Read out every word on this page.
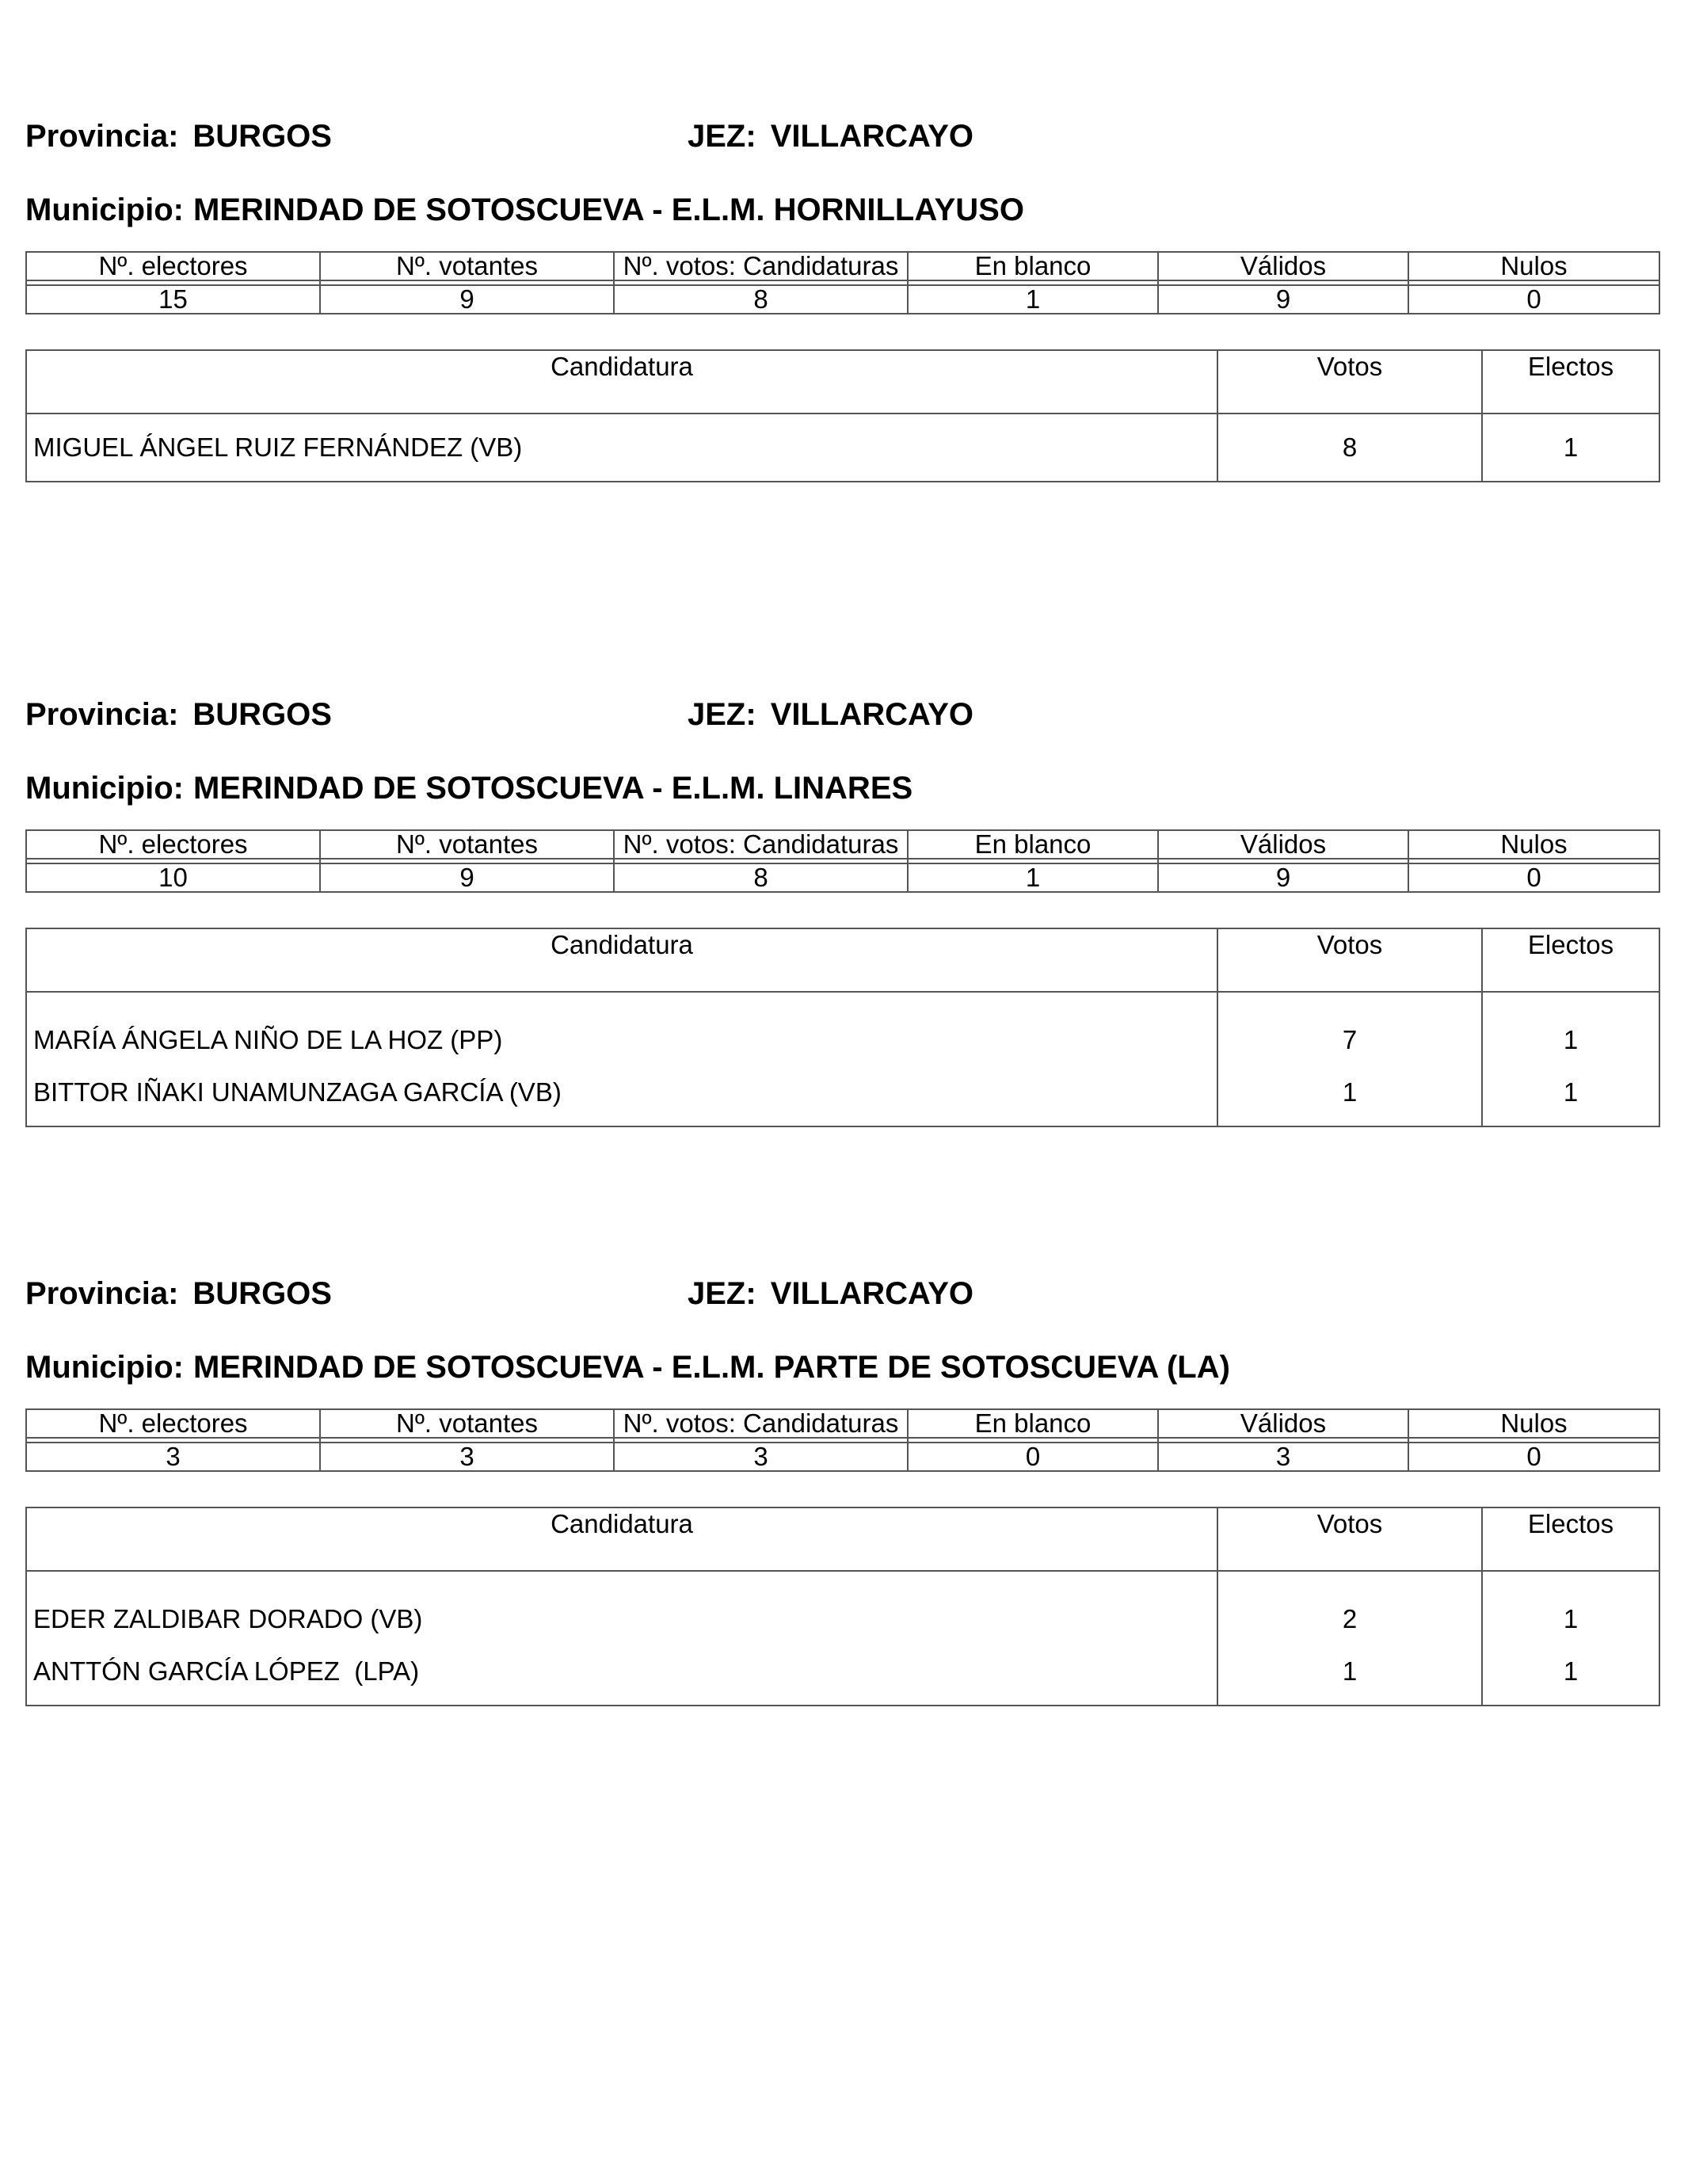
Provincia: BURGOS	JEZ: VILLARCAYO
Municipio: MERINDAD DE SOTOSCUEVA - E.L.M. HORNILLAYUSO
Nº. electores	Nº. votantes	Nº. votos: Candidaturas	En blanco	Válidos	Nulos

15	9	8	1	9	0
Candidatura	Votos	Electos
MIGUEL ÁNGEL RUIZ FERNÁNDEZ (VB)	8	1
Provincia: BURGOS	JEZ: VILLARCAYO
Municipio: MERINDAD DE SOTOSCUEVA - E.L.M. LINARES
Nº. electores	Nº. votantes	Nº. votos: Candidaturas	En blanco	Válidos	Nulos

10	9	8	1	9	0
Candidatura	Votos	Electos
MARÍA ÁNGELA NIÑO DE LA HOZ (PP)	7	1
BITTOR IÑAKI UNAMUNZAGA GARCÍA (VB)	1	1
Provincia: BURGOS	JEZ: VILLARCAYO
Municipio: MERINDAD DE SOTOSCUEVA - E.L.M. PARTE DE SOTOSCUEVA (LA)
Nº. electores	Nº. votantes	Nº. votos: Candidaturas	En blanco	Válidos	Nulos

3	3	3	0	3	0
Candidatura	Votos	Electos
EDER ZALDIBAR DORADO (VB)	2	1
ANTTÓN GARCÍA LÓPEZ  (LPA)	1	1
